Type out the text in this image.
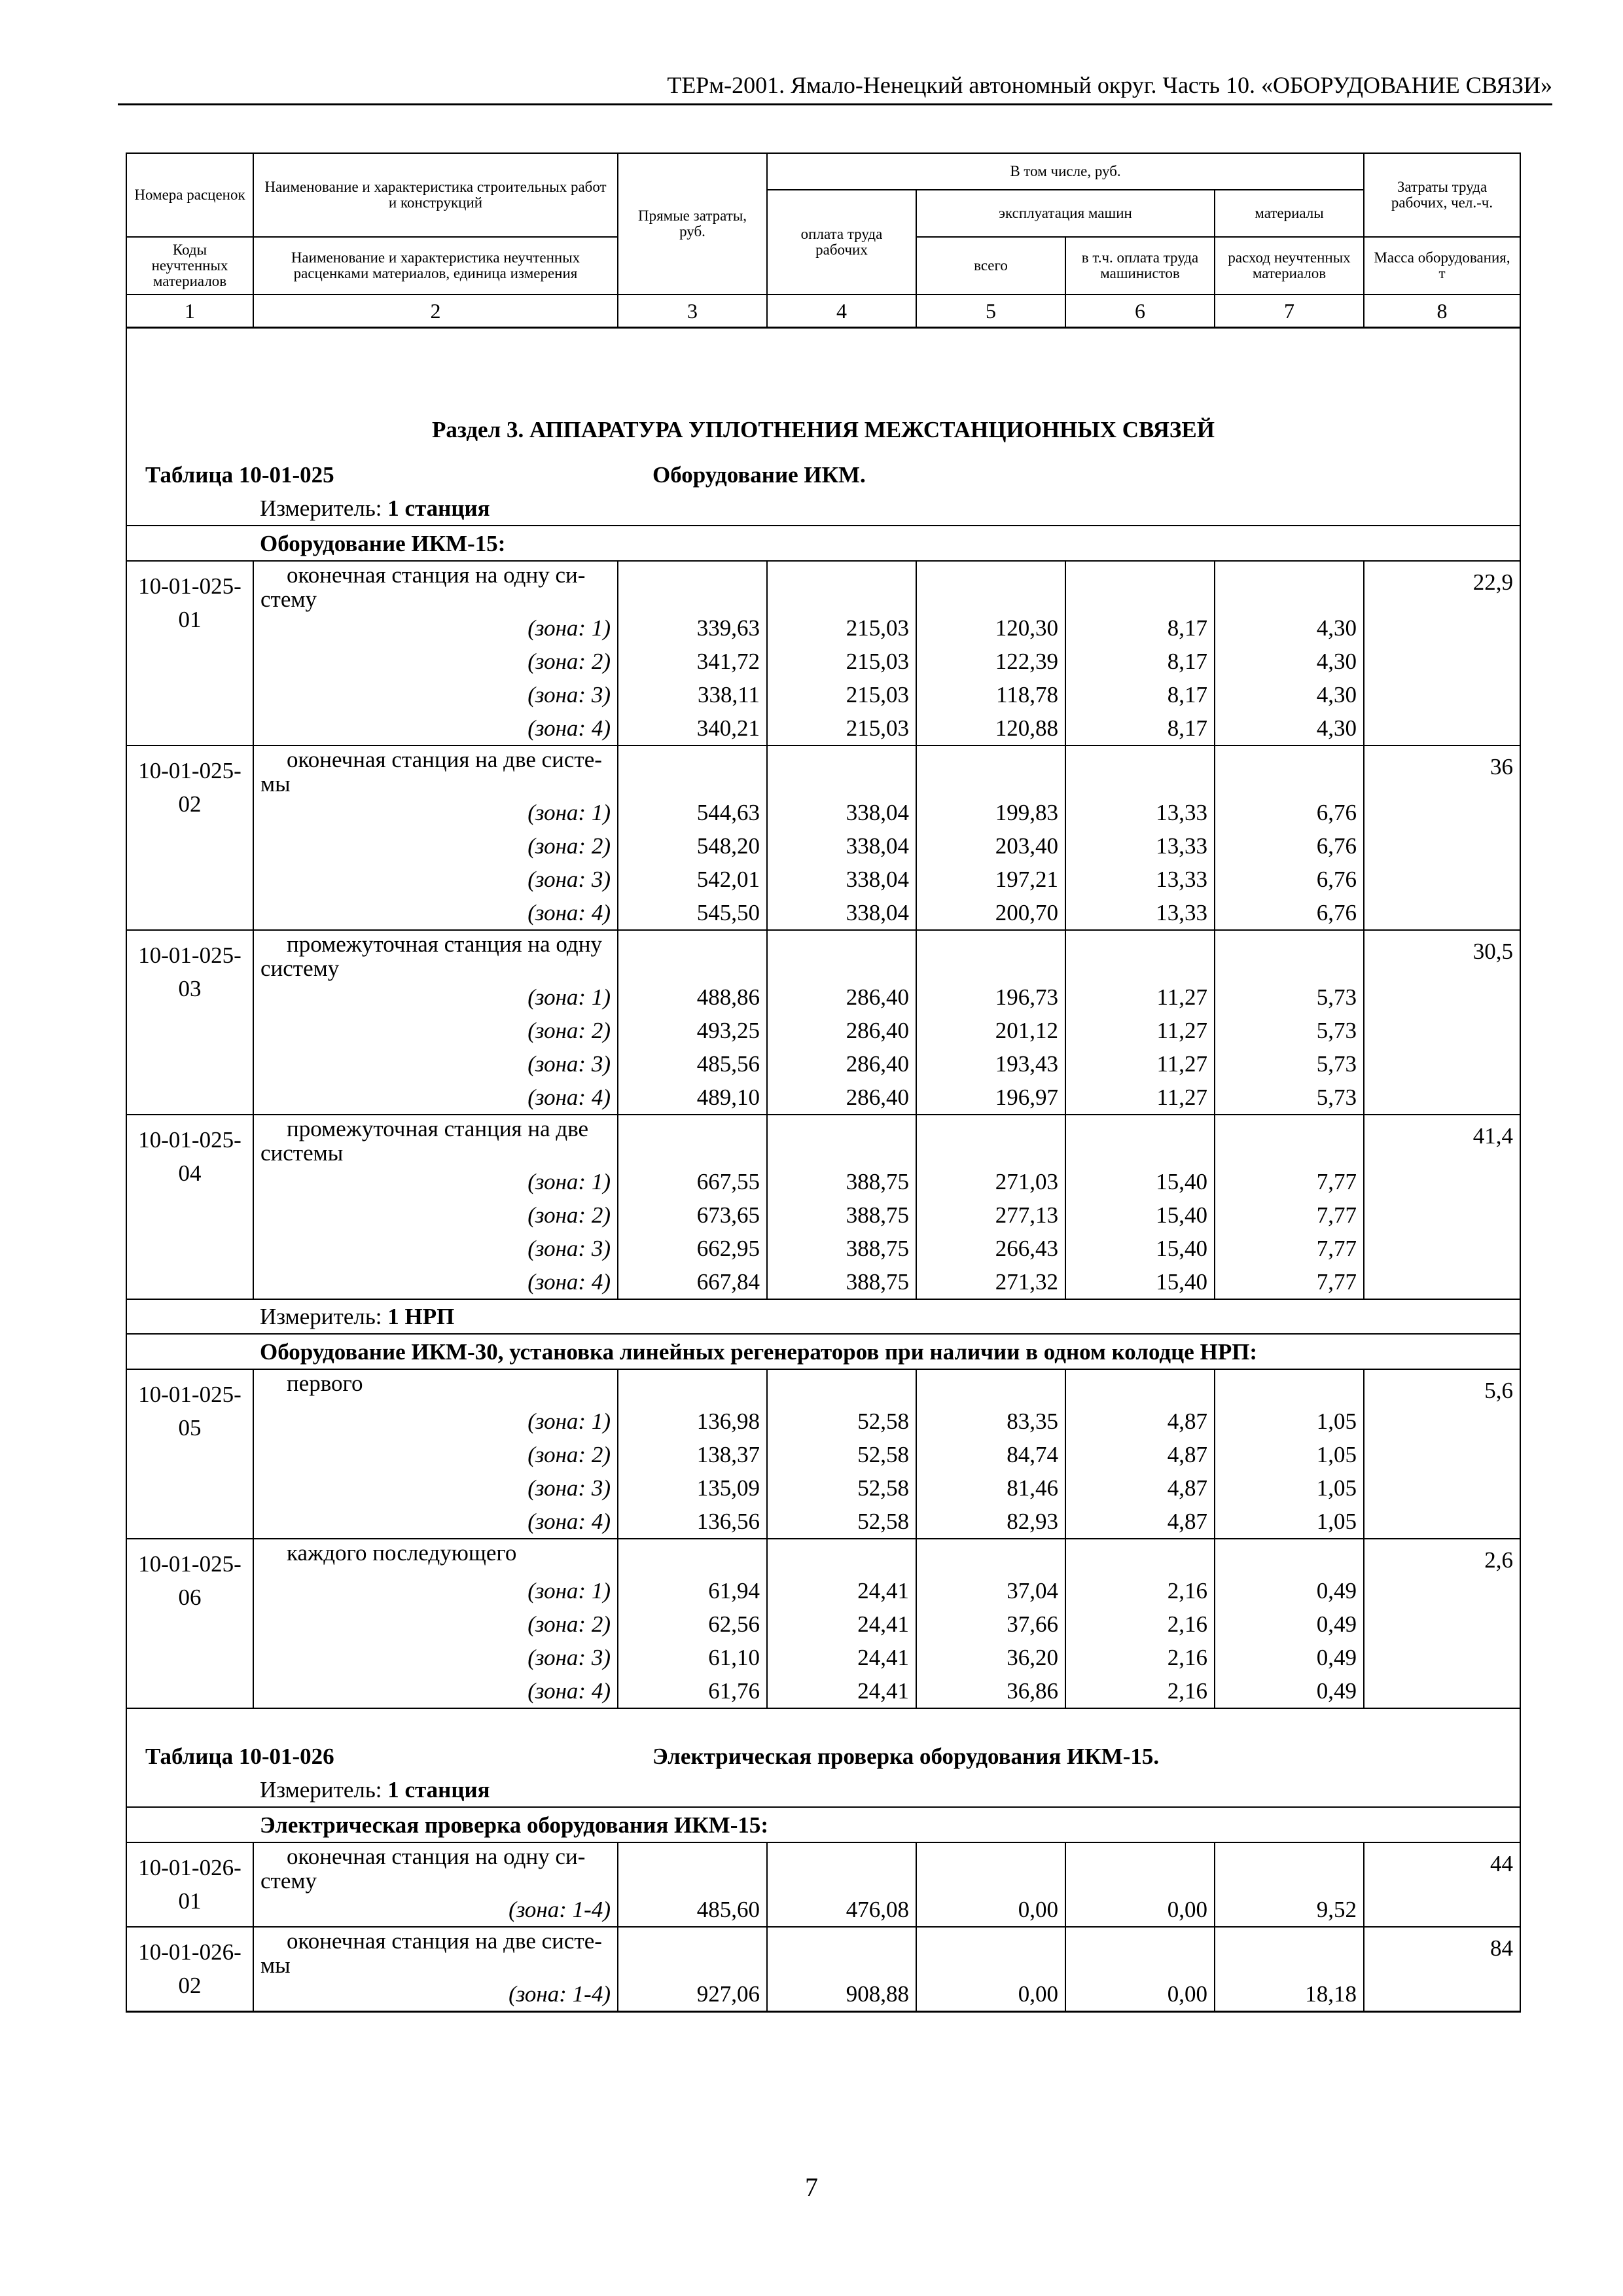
ТЕРм-2001. Ямало-Ненецкий автономный округ. Часть 10. «ОБОРУДОВАНИЕ СВЯЗИ»
Номера расценок	Наименование и характеристика строительных работ и конструкций	Прямые затраты, руб.	В том числе, руб.				Затраты труда рабочих, чел.-ч.
			оплата труда рабочих	эксплуатация машин		материалы	
Коды неучтенных материалов	Наименование и характеристика неучтенных расценками материалов, единица измерения			всего	в т.ч. оплата труда машинистов	расход неучтенных материалов	Масса оборудования, т
1	2	3	4	5	6	7	8
Раздел 3. АППАРАТУРА УПЛОТНЕНИЯ МЕЖСТАНЦИОННЫХ СВЯЗЕЙ							
Таблица 10-01-025 Оборудование ИКМ.							
	Измеритель: 1 станция						
	Оборудование ИКМ-15:						
10-01-025-01	оконечная станция на одну си-
стему						22,9
	(зона: 1)	339,63	215,03	120,30	8,17	4,30	
	(зона: 2)	341,72	215,03	122,39	8,17	4,30	
	(зона: 3)	338,11	215,03	118,78	8,17	4,30	
	(зона: 4)	340,21	215,03	120,88	8,17	4,30	
10-01-025-02	оконечная станция на две систе-
мы						36
	(зона: 1)	544,63	338,04	199,83	13,33	6,76	
	(зона: 2)	548,20	338,04	203,40	13,33	6,76	
	(зона: 3)	542,01	338,04	197,21	13,33	6,76	
	(зона: 4)	545,50	338,04	200,70	13,33	6,76	
10-01-025-03	промежуточная станция на одну
систему						30,5
	(зона: 1)	488,86	286,40	196,73	11,27	5,73	
	(зона: 2)	493,25	286,40	201,12	11,27	5,73	
	(зона: 3)	485,56	286,40	193,43	11,27	5,73	
	(зона: 4)	489,10	286,40	196,97	11,27	5,73	
10-01-025-04	промежуточная станция на две
системы						41,4
	(зона: 1)	667,55	388,75	271,03	15,40	7,77	
	(зона: 2)	673,65	388,75	277,13	15,40	7,77	
	(зона: 3)	662,95	388,75	266,43	15,40	7,77	
	(зона: 4)	667,84	388,75	271,32	15,40	7,77	
	Измеритель: 1 НРП						
	Оборудование ИКМ-30, установка линейных регенераторов при наличии в одном колодце НРП:						
10-01-025-05	первого						5,6
	(зона: 1)	136,98	52,58	83,35	4,87	1,05	
	(зона: 2)	138,37	52,58	84,74	4,87	1,05	
	(зона: 3)	135,09	52,58	81,46	4,87	1,05	
	(зона: 4)	136,56	52,58	82,93	4,87	1,05	
10-01-025-06	каждого последующего						2,6
	(зона: 1)	61,94	24,41	37,04	2,16	0,49	
	(зона: 2)	62,56	24,41	37,66	2,16	0,49	
	(зона: 3)	61,10	24,41	36,20	2,16	0,49	
	(зона: 4)	61,76	24,41	36,86	2,16	0,49	
Таблица 10-01-026 Электрическая проверка оборудования ИКМ-15.							
	Измеритель: 1 станция						
	Электрическая проверка оборудования ИКМ-15:						
10-01-026-01	оконечная станция на одну си-
стему						44
	(зона: 1-4)	485,60	476,08	0,00	0,00	9,52	
10-01-026-02	оконечная станция на две систе-
мы						84
	(зона: 1-4)	927,06	908,88	0,00	0,00	18,18	
7
